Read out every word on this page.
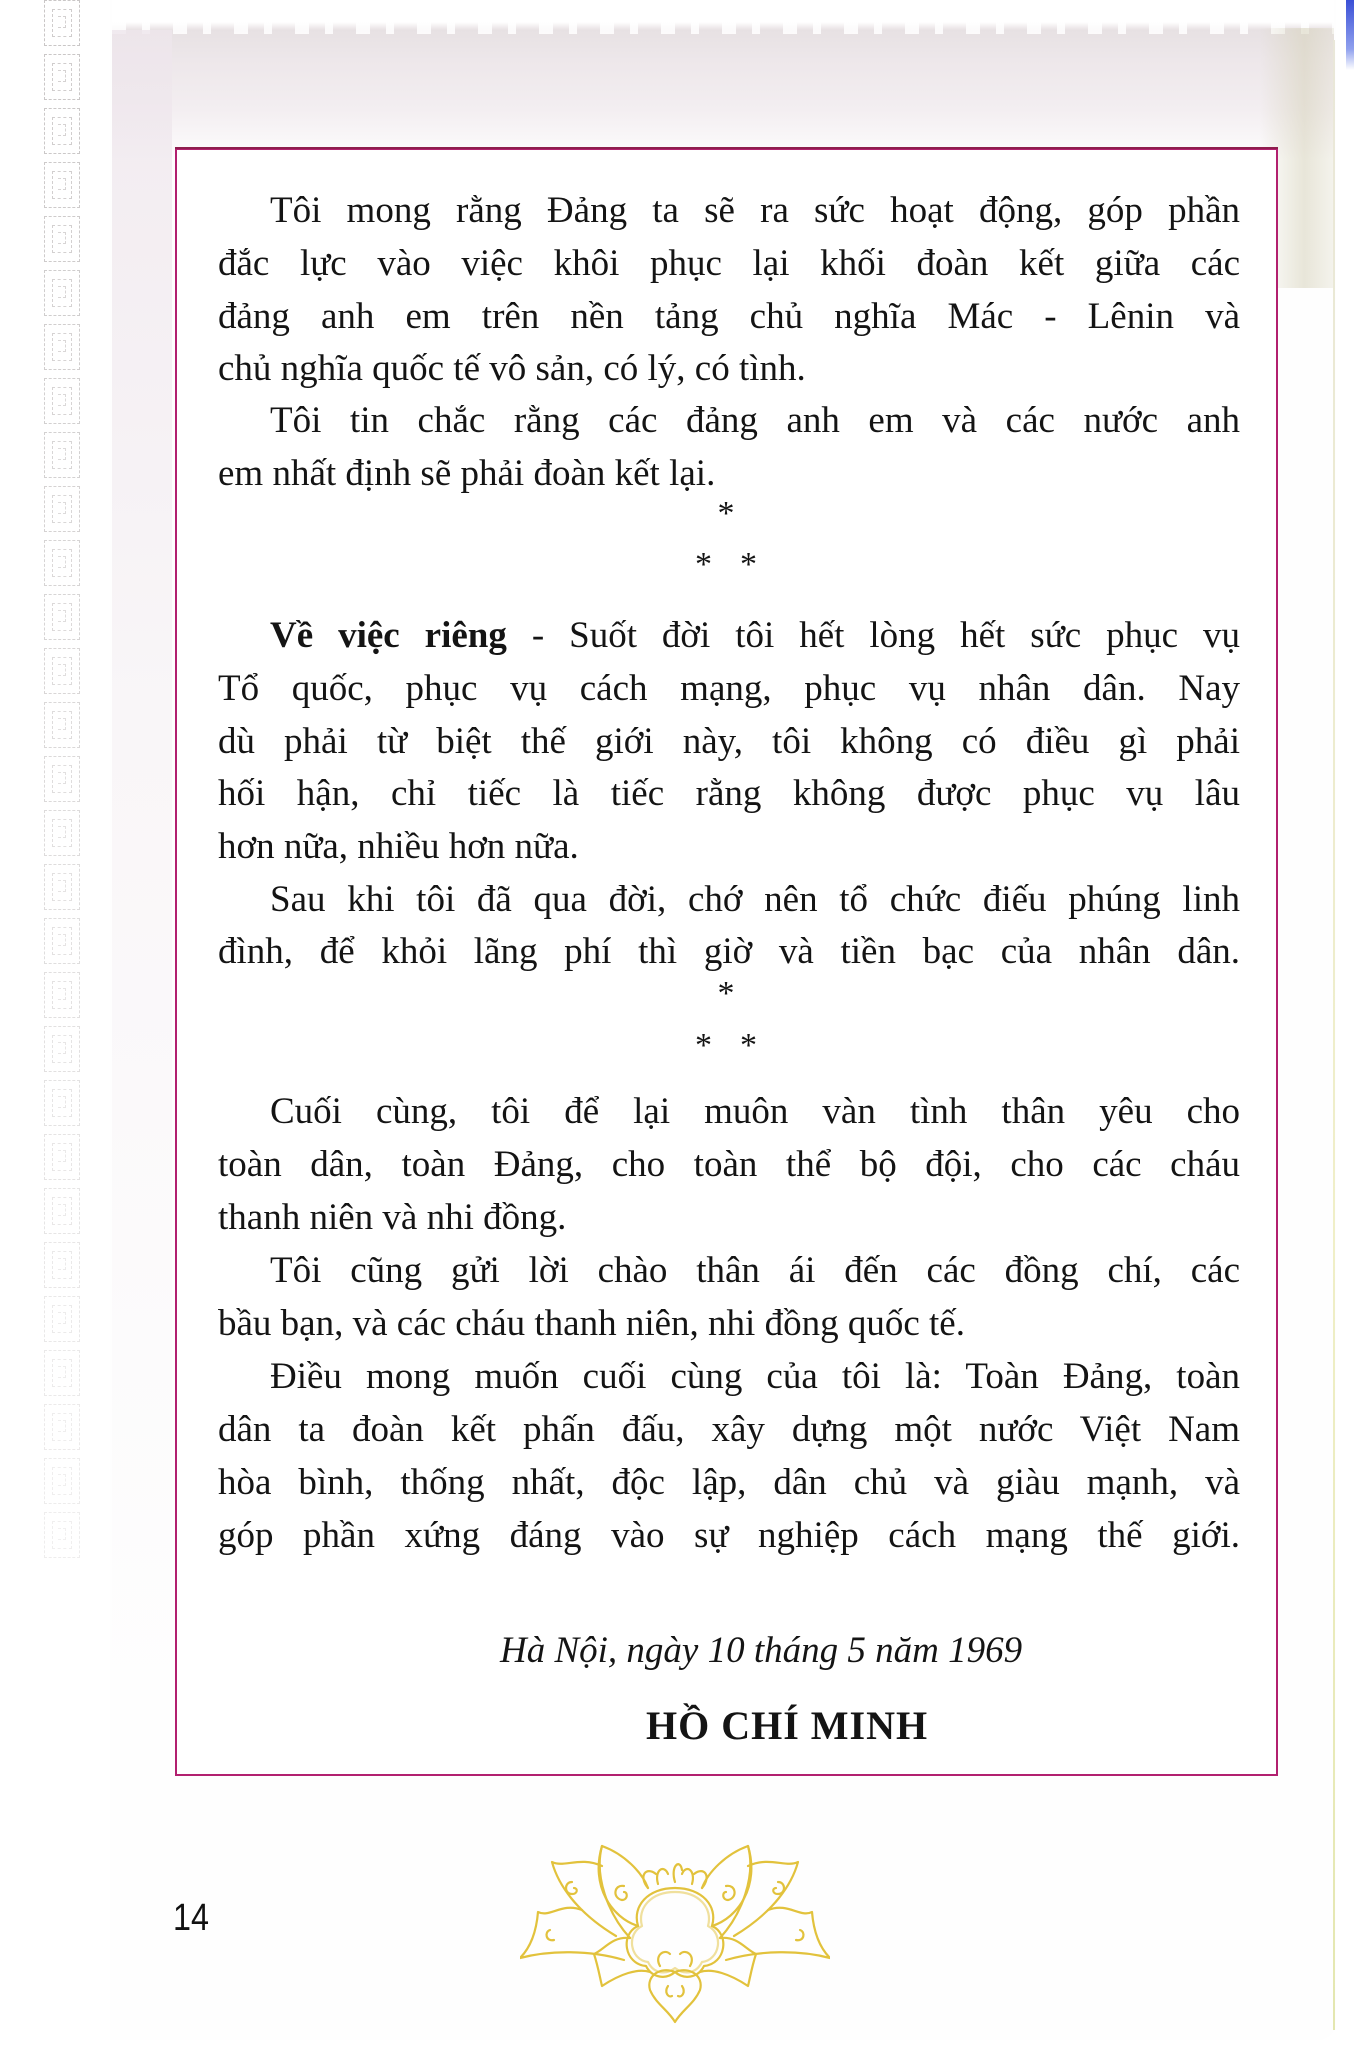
Tôi mong rằng Đảng ta sẽ ra sức hoạt động, góp phần
đắc lực vào việc khôi phục lại khối đoàn kết giữa các
đảng anh em trên nền tảng chủ nghĩa Mác - Lênin và
chủ nghĩa quốc tế vô sản, có lý, có tình.
Tôi tin chắc rằng các đảng anh em và các nước anh
em nhất định sẽ phải đoàn kết lại.
*
* *
Về việc riêng - Suốt đời tôi hết lòng hết sức phục vụ
Tổ quốc, phục vụ cách mạng, phục vụ nhân dân. Nay
dù phải từ biệt thế giới này, tôi không có điều gì phải
hối hận, chỉ tiếc là tiếc rằng không được phục vụ lâu
hơn nữa, nhiều hơn nữa.
Sau khi tôi đã qua đời, chớ nên tổ chức điếu phúng linh
đình, để khỏi lãng phí thì giờ và tiền bạc của nhân dân.
*
* *
Cuối cùng, tôi để lại muôn vàn tình thân yêu cho
toàn dân, toàn Đảng, cho toàn thể bộ đội, cho các cháu
thanh niên và nhi đồng.
Tôi cũng gửi lời chào thân ái đến các đồng chí, các
bầu bạn, và các cháu thanh niên, nhi đồng quốc tế.
Điều mong muốn cuối cùng của tôi là: Toàn Đảng, toàn
dân ta đoàn kết phấn đấu, xây dựng một nước Việt Nam
hòa bình, thống nhất, độc lập, dân chủ và giàu mạnh, và
góp phần xứng đáng vào sự nghiệp cách mạng thế giới.
Hà Nội, ngày 10 tháng 5 năm 1969
HỒ CHÍ MINH
14
